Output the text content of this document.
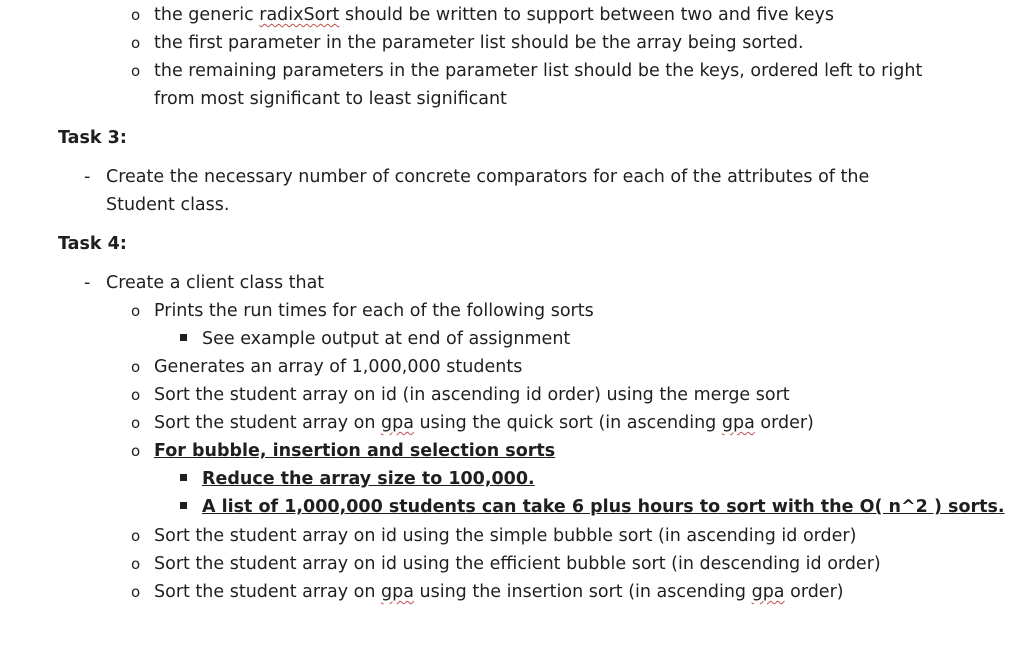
o the generic radixSort should be written to support between two and five keys
o the first parameter in the parameter list should be the array being sorted.
o the remaining parameters in the parameter list should be the keys, ordered left to right
from most significant to least significant
Task 3:
- Create the necessary number of concrete comparators for each of the attributes of the
Student class.
Task 4:
- Create a client class that
o Prints the run times for each of the following sorts
See example output at end of assignment
o Generates an array of 1,000,000 students
o Sort the student array on id (in ascending id order) using the merge sort
o Sort the student array on gpa using the quick sort (in ascending gpa order)
o For bubble, insertion and selection sorts
Reduce the array size to 100,000.
A list of 1,000,000 students can take 6 plus hours to sort with the O( n^2 ) sorts.
o Sort the student array on id using the simple bubble sort (in ascending id order)
o Sort the student array on id using the efficient bubble sort (in descending id order)
o Sort the student array on gpa using the insertion sort (in ascending gpa order)
